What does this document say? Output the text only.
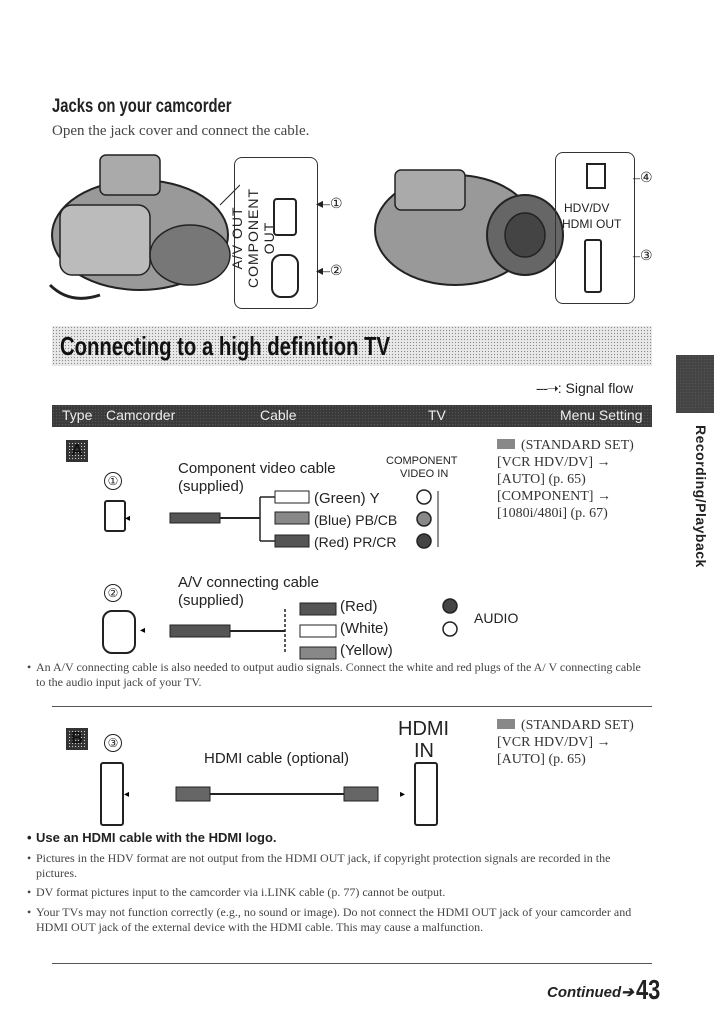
Jacks on your camcorder
Open the jack cover and connect the cable.
A/V OUT COMPONENT OUT
◂–①
◂–②
HDV/DV
HDMI OUT
–④
–③
Connecting to a high definition TV
Recording/Playback
‑‑‑➝: Signal flow
Type Camcorder	Cable	TV	Menu Setting
A
①
Component video cable
(supplied)
◂
(Green) Y
(Blue) PB/CB
(Red) PR/CR
COMPONENT
VIDEO IN
(STANDARD SET)
[VCR HDV/DV] →
[AUTO] (p. 65)
[COMPONENT] →
[1080i/480i] (p. 67)
②
A/V connecting cable
(supplied)
◂
(Red)
(White)
(Yellow)
AUDIO
• An A/V connecting cable is also needed to output audio signals. Connect the white and red plugs of the A/ V connecting cable to the audio input jack of your TV.
B	③
HDMI cable (optional)
HDMI
IN
◂	▸
(STANDARD SET)
[VCR HDV/DV] →
[AUTO] (p. 65)
• Use an HDMI cable with the HDMI logo.
• Pictures in the HDV format are not output from the HDMI OUT jack, if copyright protection signals are recorded in the pictures.
• DV format pictures input to the camcorder via i.LINK cable (p. 77) cannot be output.
• Your TVs may not function correctly (e.g., no sound or image). Do not connect the HDMI OUT jack of your camcorder and HDMI OUT jack of the external device with the HDMI cable. This may cause a malfunction.
Continued➔ 43
